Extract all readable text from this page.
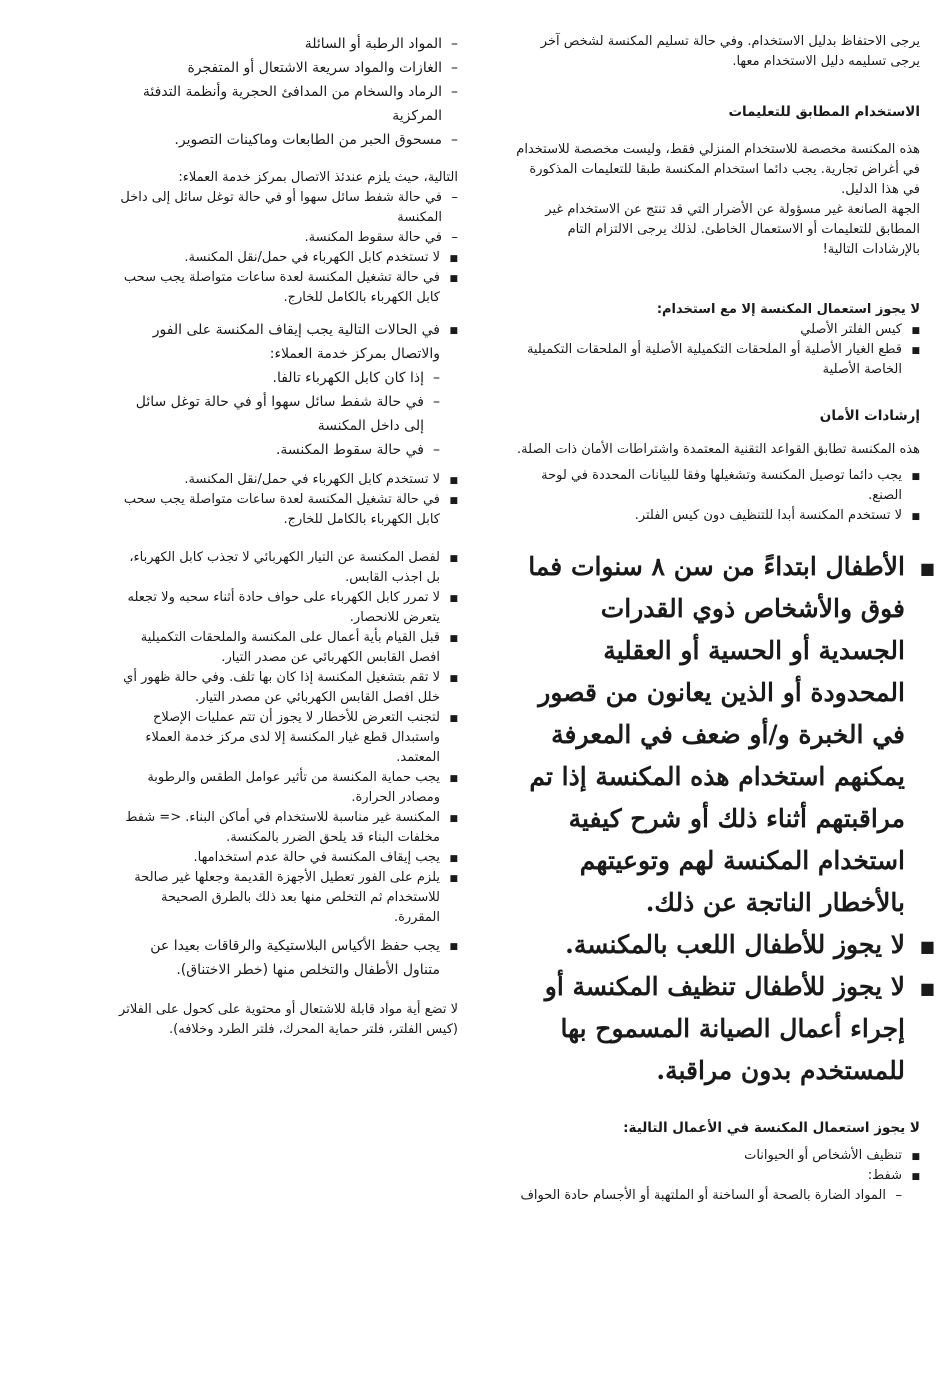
يرجى الاحتفاظ بدليل الاستخدام. وفي حالة تسليم المكنسة لشخص آخر يرجى تسليمه دليل الاستخدام معها.

الاستخدام المطابق للتعليمات

هذه المكنسة مخصصة للاستخدام المنزلي فقط، وليست مخصصة للاستخدام في أغراض تجارية. يجب دائما استخدام المكنسة طبقا للتعليمات المذكورة في هذا الدليل.

الجهة الصانعة غير مسؤولة عن الأضرار التي قد تنتج عن الاستخدام غير المطابق للتعليمات أو الاستعمال الخاطئ. لذلك يرجى الالتزام التام بالإرشادات التالية!

لا يجوز استعمال المكنسة إلا مع استخدام:
■ كيس الفلتر الأصلي
■ قطع الغيار الأصلية أو الملحقات التكميلية الأصلية أو الملحقات التكميلية الخاصة الأصلية
إرشادات الأمان

هذه المكنسة تطابق القواعد التقنية المعتمدة واشتراطات الأمان ذات الصلة.

■ يجب دائما توصيل المكنسة وتشغيلها وفقا للبيانات المحددة في لوحة الصنع.
■ لا تستخدم المكنسة أبدا للتنظيف دون كيس الفلتر.
■ الأطفال ابتداءً من سن ٨ سنوات فما فوق والأشخاص ذوي القدرات الجسدية أو الحسية أو العقلية المحدودة أو الذين يعانون من قصور في الخبرة و/أو ضعف في المعرفة يمكنهم استخدام هذه المكنسة إذا تم مراقبتهم أثناء ذلك أو شرح كيفية استخدام المكنسة لهم وتوعيتهم بالأخطار الناتجة عن ذلك.
■ لا يجوز للأطفال اللعب بالمكنسة.
■ لا يجوز للأطفال تنظيف المكنسة أو إجراء أعمال الصيانة المسموح بها للمستخدم بدون مراقبة.
لا يجوز استعمال المكنسة في الأعمال التالية:
■ تنظيف الأشخاص أو الحيوانات
■ شفط:
– المواد الضارة بالصحة أو الساخنة أو الملتهبة أو الأجسام حادة الحواف
– المواد الرطبة أو السائلة
– الغازات والمواد سريعة الاشتعال أو المتفجرة
– الرماد والسخام من المدافئ الحجرية وأنظمة التدفئة المركزية
– مسحوق الحبر من الطابعات وماكينات التصوير.

التالية، حيث يلزم عندئذ الاتصال بمركز خدمة العملاء:

– في حالة شفط سائل سهوا أو في حالة توغل سائل إلى داخل المكنسة
– في حالة سقوط المكنسة.
■ لا تستخدم كابل الكهرباء في حمل/نقل المكنسة.
■ في حالة تشغيل المكنسة لعدة ساعات متواصلة يجب سحب كابل الكهرباء بالكامل للخارج.
■ في الحالات التالية يجب إيقاف المكنسة على الفور والاتصال بمركز خدمة العملاء:
– إذا كان كابل الكهرباء تالفا.
– في حالة شفط سائل سهوا أو في حالة توغل سائل إلى داخل المكنسة
– في حالة سقوط المكنسة.
■ لا تستخدم كابل الكهرباء في حمل/نقل المكنسة.
■ في حالة تشغيل المكنسة لعدة ساعات متواصلة يجب سحب كابل الكهرباء بالكامل للخارج.
■ لفصل المكنسة عن التيار الكهربائي لا تجذب كابل الكهرباء، بل اجذب القابس.
■ لا تمرر كابل الكهرباء على حواف حادة أثناء سحبه ولا تجعله يتعرض للانحصار.
■ قبل القيام بأية أعمال على المكنسة والملحقات التكميلية افصل القابس الكهربائي عن مصدر التيار.
■ لا تقم بتشغيل المكنسة إذا كان بها تلف. وفي حالة ظهور أي خلل افصل القابس الكهربائي عن مصدر التيار.
■ لتجنب التعرض للأخطار لا يجوز أن تتم عمليات الإصلاح واستبدال قطع غيار المكنسة إلا لدى مركز خدمة العملاء المعتمد.
■ يجب حماية المكنسة من تأثير عوامل الطقس والرطوبة ومصادر الحرارة.
■ المكنسة غير مناسبة للاستخدام في أماكن البناء. <= شفط مخلفات البناء قد يلحق الضرر بالمكنسة.
■ يجب إيقاف المكنسة في حالة عدم استخدامها.
■ يلزم على الفور تعطيل الأجهزة القديمة وجعلها غير صالحة للاستخدام ثم التخلص منها بعد ذلك بالطرق الصحيحة المقررة.
■ يجب حفظ الأكياس البلاستيكية والرقاقات بعيدا عن متناول الأطفال والتخلص منها (خطر الاختناق).

لا تضع أية مواد قابلة للاشتعال أو محتوية على كحول على الفلاتر (كيس الفلتر، فلتر حماية المحرك، فلتر الطرد وخلافه).
